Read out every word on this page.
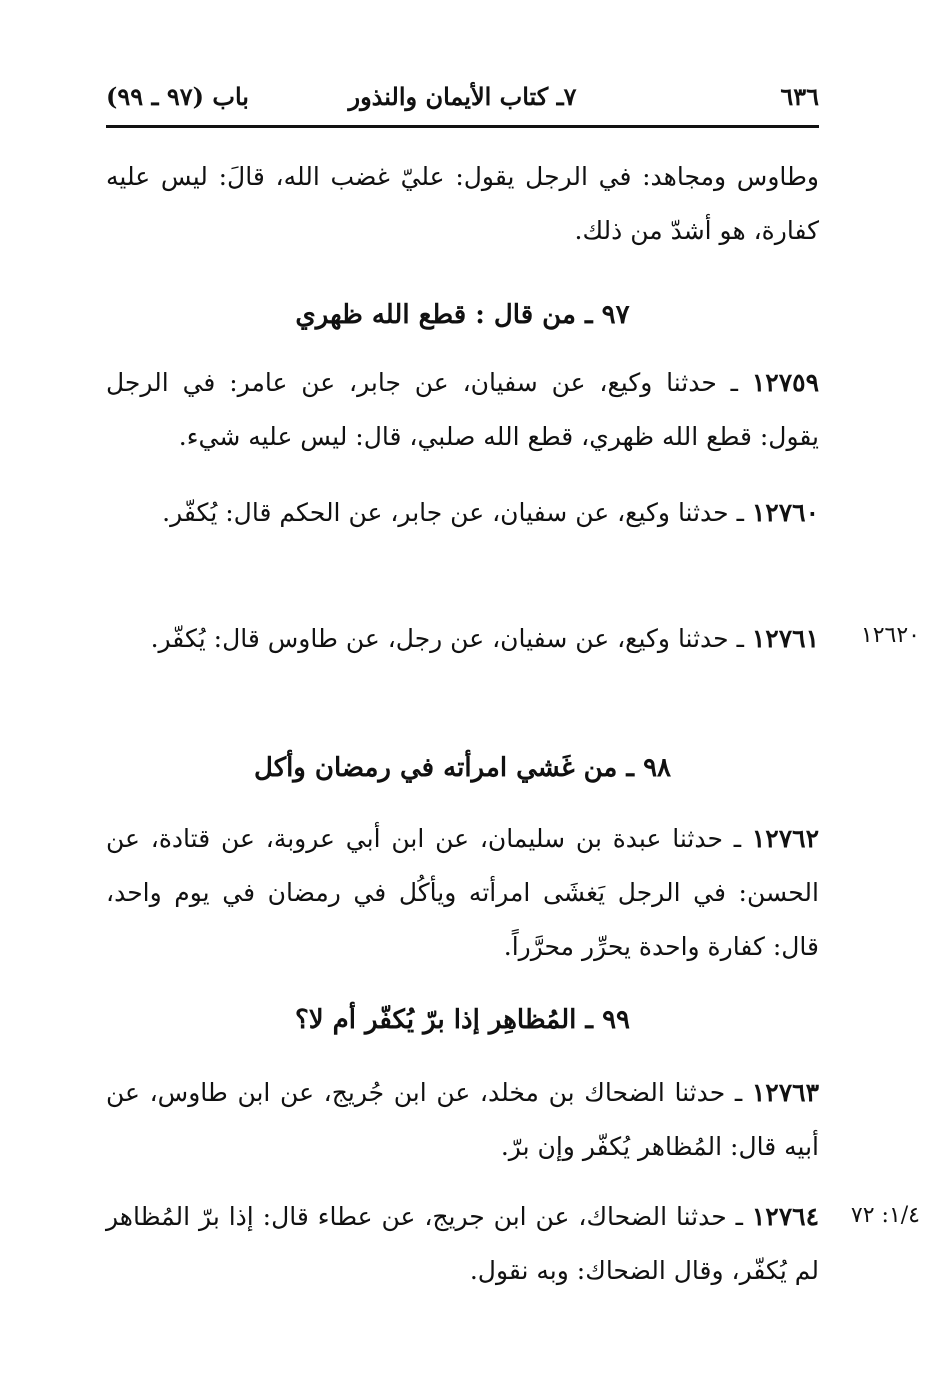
٦٣٦
٧ـ كتاب الأيمان والنذور
باب (٩٧ ـ ٩٩)

وطاوس ومجاهد: في الرجل يقول: عليّ غضب الله، قالَ: ليس عليه كفارة، هو أشدّ من ذلك.

٩٧ ـ من قال : قطع الله ظهري

١٢٧٥٩ ـ حدثنا وكيع، عن سفيان، عن جابر، عن عامر: في الرجل يقول: قطع الله ظهري، قطع الله صلبي، قال: ليس عليه شيء.

١٢٧٦٠ ـ حدثنا وكيع، عن سفيان، عن جابر، عن الحكم قال: يُكفّر.

١٢٦٢٠

١٢٧٦١ ـ حدثنا وكيع، عن سفيان، عن رجل، عن طاوس قال: يُكفّر.

٩٨ ـ من غَشي امرأته في رمضان وأكل

١٢٧٦٢ ـ حدثنا عبدة بن سليمان، عن ابن أبي عروبة، عن قتادة، عن الحسن: في الرجل يَغشَى امرأته ويأكُل في رمضان في يوم واحد، قال: كفارة واحدة يحرِّر محرَّراً.

٩٩ ـ المُظاهِر إذا برّ يُكفّر أم لا؟

١٢٧٦٣ ـ حدثنا الضحاك بن مخلد، عن ابن جُريج، عن ابن طاوس، عن أبيه قال: المُظاهر يُكفّر وإن برّ.

١/٤: ٧٢

١٢٧٦٤ ـ حدثنا الضحاك، عن ابن جريج، عن عطاء قال: إذا برّ المُظاهر لم يُكفّر، وقال الضحاك: وبه نقول.
